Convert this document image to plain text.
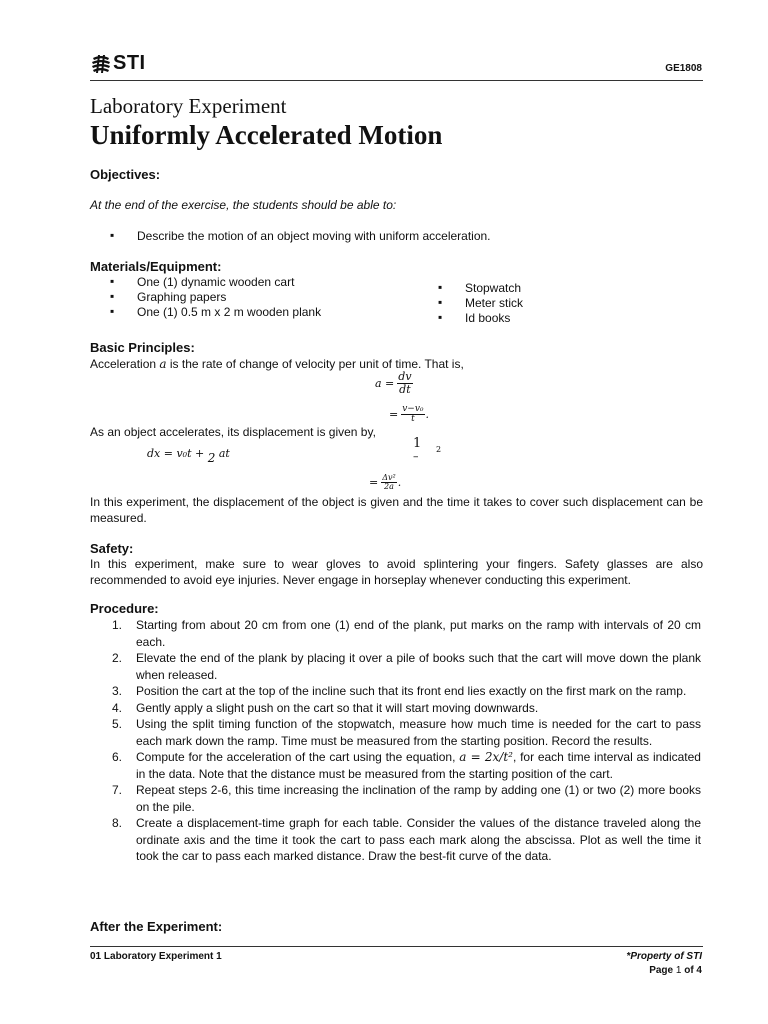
STI	GE1808
Laboratory Experiment
Uniformly Accelerated Motion
Objectives:
At the end of the exercise, the students should be able to:
▪ Describe the motion of an object moving with uniform acceleration.
Materials/Equipment:
▪ One (1) dynamic wooden cart
▪ Graphing papers
▪ One (1) 0.5 m x 2 m wooden plank
▪ Stopwatch
▪ Meter stick
▪ Id books
Basic Principles:
Acceleration a is the rate of change of velocity per unit of time. That is,
$a = \frac{dv}{dt}$
= $\frac{\text{v−v₀}}{t}$ .
As an object accelerates, its displacement is given by,
dx = v₀t + 2 at
1
–
2
= $\frac{\text{Δv²}}{2a}$ .
In this experiment, the displacement of the object is given and the time it takes to cover such displacement can be measured.
Safety:
In this experiment, make sure to wear gloves to avoid splintering your fingers. Safety glasses are also recommended to avoid eye injuries. Never engage in horseplay whenever conducting this experiment.
Procedure:
1. Starting from about 20 cm from one (1) end of the plank, put marks on the ramp with intervals of 20 cm each.
2. Elevate the end of the plank by placing it over a pile of books such that the cart will move down the plank when released.
3. Position the cart at the top of the incline such that its front end lies exactly on the first mark on the ramp.
4. Gently apply a slight push on the cart so that it will start moving downwards.
5. Using the split timing function of the stopwatch, measure how much time is needed for the cart to pass each mark down the ramp. Time must be measured from the starting position. Record the results.
6. Compute for the acceleration of the cart using the equation, a = 2x/t², for each time interval as indicated in the data. Note that the distance must be measured from the starting position of the cart.
7. Repeat steps 2-6, this time increasing the inclination of the ramp by adding one (1) or two (2) more books on the pile.
8. Create a displacement-time graph for each table. Consider the values of the distance traveled along the ordinate axis and the time it took the cart to pass each mark along the abscissa. Plot as well the time it took the car to pass each marked distance. Draw the best-fit curve of the data.
After the Experiment:
01 Laboratory Experiment 1	*Property of STI
Page 1 of 4
